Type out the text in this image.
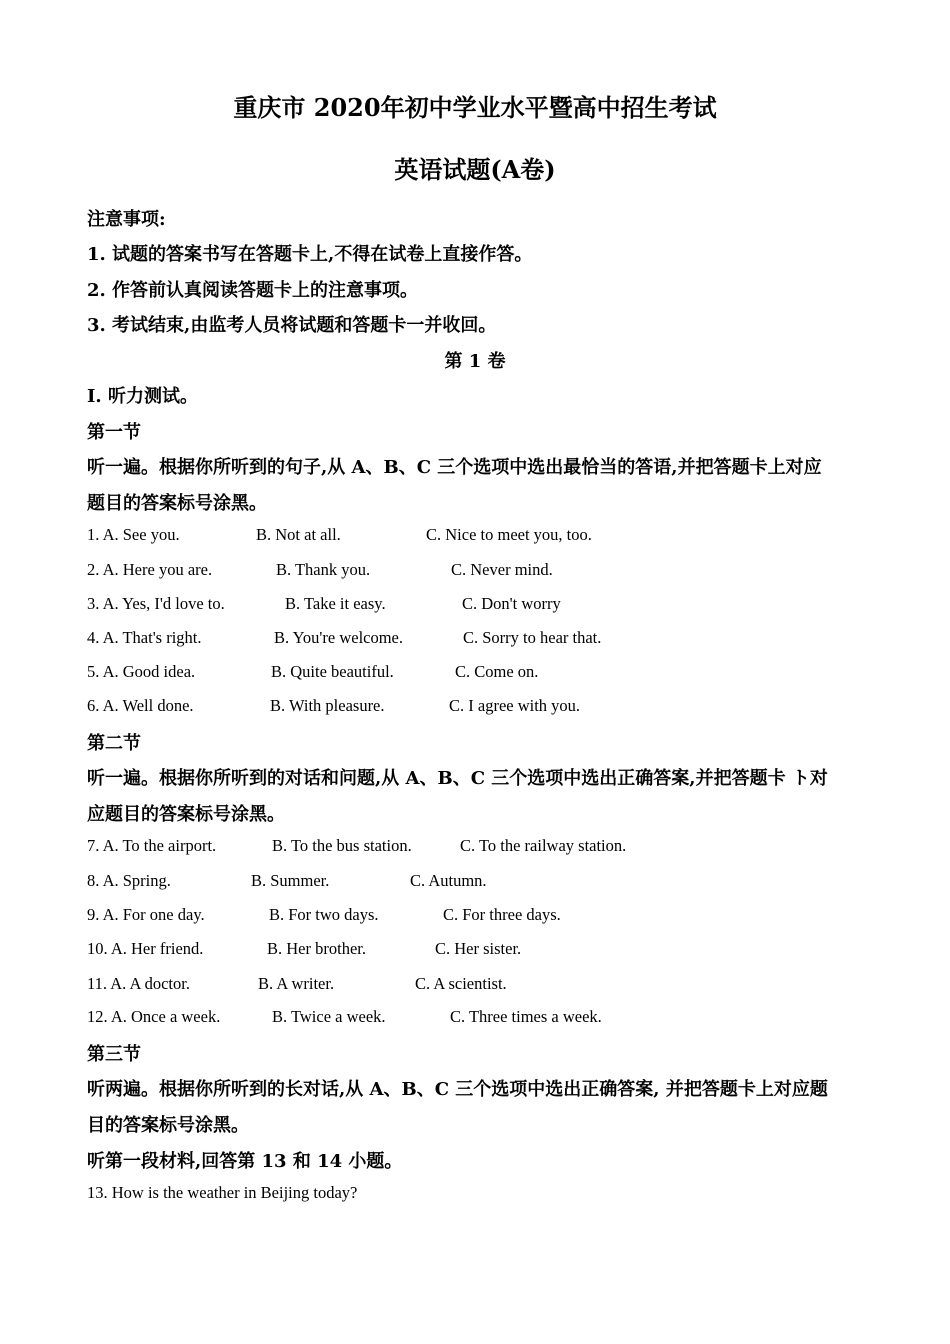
重庆市 2020年初中学业水平暨高中招生考试
英语试题(A卷)
注意事项:
1. 试题的答案书写在答题卡上,不得在试卷上直接作答。
2. 作答前认真阅读答题卡上的注意事项。
3. 考试结束,由监考人员将试题和答题卡一并收回。
第 1 卷
I. 听力测试。
第一节
听一遍。根据你所听到的句子,从 A、B、C 三个选项中选出最恰当的答语,并把答题卡上对应
题目的答案标号涂黑。
1. A. See you.	B. Not at all.	C. Nice to meet you, too.
2. A. Here you are.	B. Thank you.	C. Never mind.
3. A. Yes, I'd love to.	B. Take it easy.	C. Don't worry
4. A. That's right.	B. You're welcome.	C. Sorry to hear that.
5. A. Good idea.	B. Quite beautiful.	C. Come on.
6. A. Well done.	B. With pleasure.	C. I agree with you.
第二节
听一遍。根据你所听到的对话和问题,从 A、B、C 三个选项中选出正确答案,并把答题卡 ト对
应题目的答案标号涂黑。
7. A. To the airport.	B. To the bus station.	C. To the railway station.
8. A. Spring.	B. Summer.	C. Autumn.
9. A. For one day.	B. For two days.	C. For three days.
10. A. Her friend.	B. Her brother.	C. Her sister.
11. A. A doctor.	B. A writer.	C. A scientist.
12. A. Once a week.	B. Twice a week.	C. Three times a week.
第三节
听两遍。根据你所听到的长对话,从 A、B、C 三个选项中选出正确答案, 并把答题卡上对应题
目的答案标号涂黑。
听第一段材料,回答第 13 和 14 小题。
13. How is the weather in Beijing today?
